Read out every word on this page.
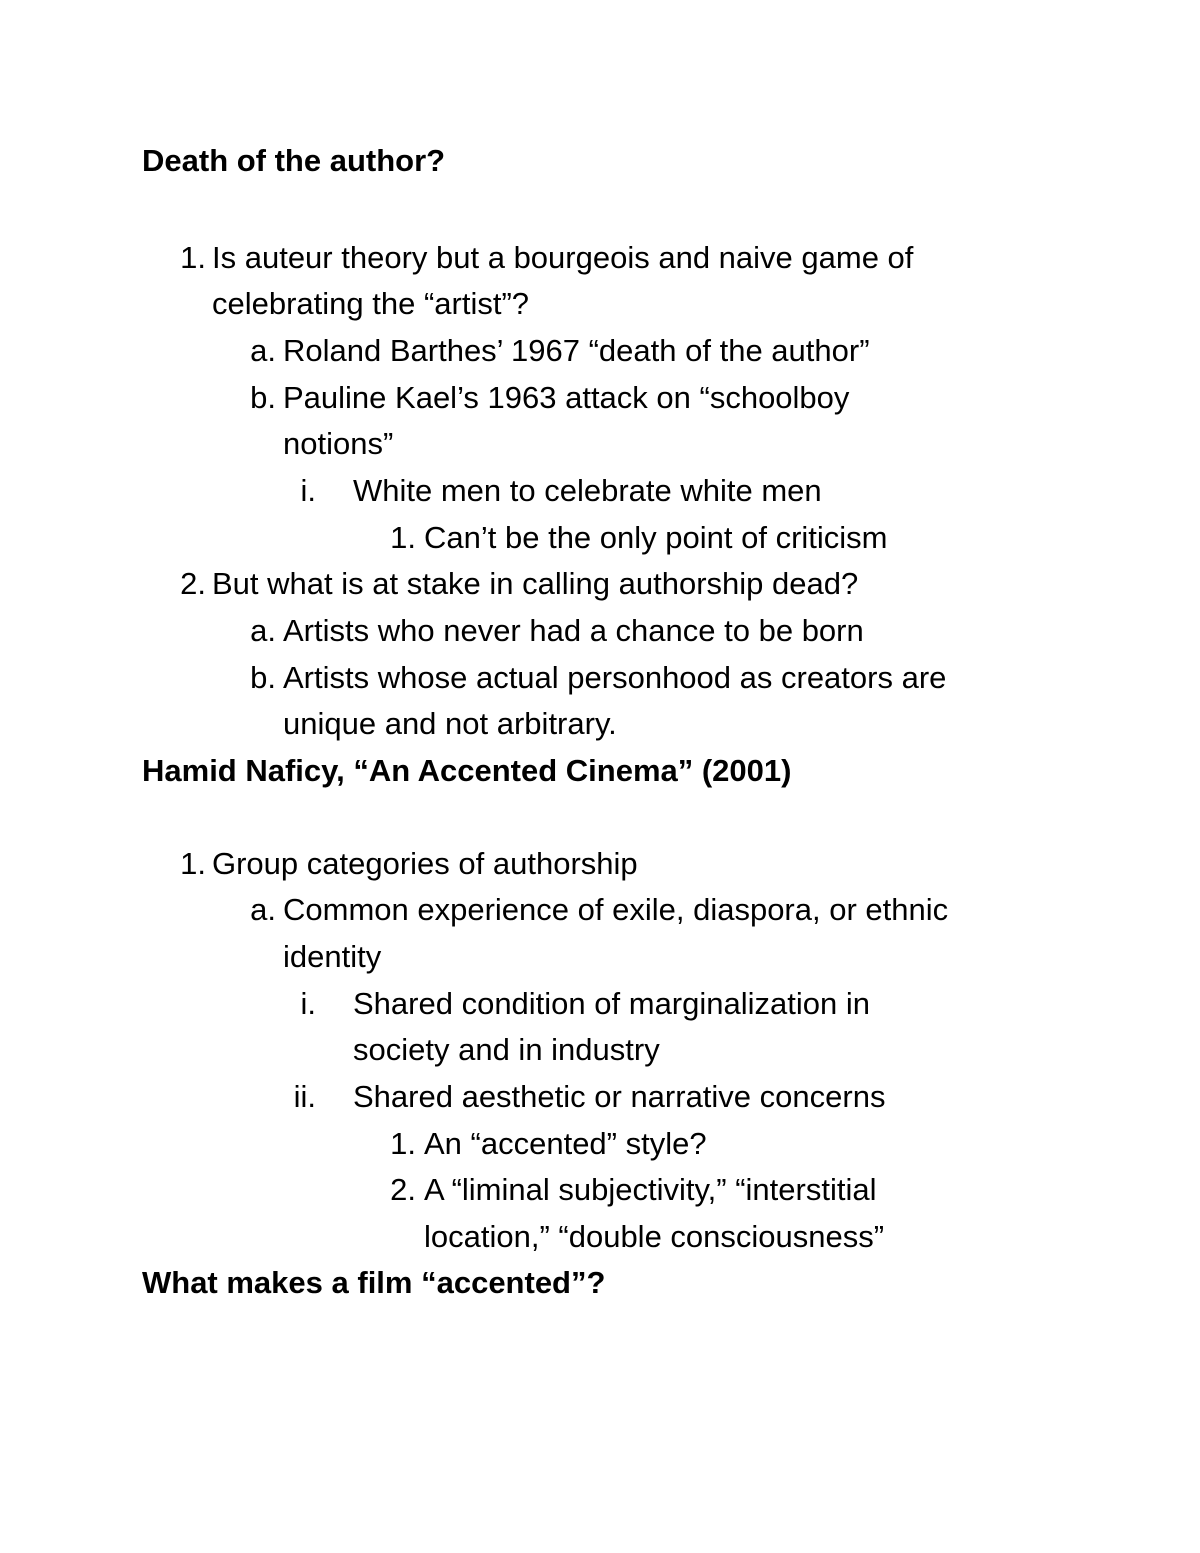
Death of the author?
1. Is auteur theory but a bourgeois and naive game of
celebrating the “artist”?
a. Roland Barthes’ 1967 “death of the author”
b. Pauline Kael’s 1963 attack on “schoolboy
notions”
i. White men to celebrate white men
1. Can’t be the only point of criticism
2. But what is at stake in calling authorship dead?
a. Artists who never had a chance to be born
b. Artists whose actual personhood as creators are
unique and not arbitrary.
Hamid Naficy, “An Accented Cinema” (2001)
1. Group categories of authorship
a. Common experience of exile, diaspora, or ethnic
identity
i. Shared condition of marginalization in
society and in industry
ii. Shared aesthetic or narrative concerns
1. An “accented” style?
2. A “liminal subjectivity,” “interstitial
location,” “double consciousness”
What makes a film “accented”?
